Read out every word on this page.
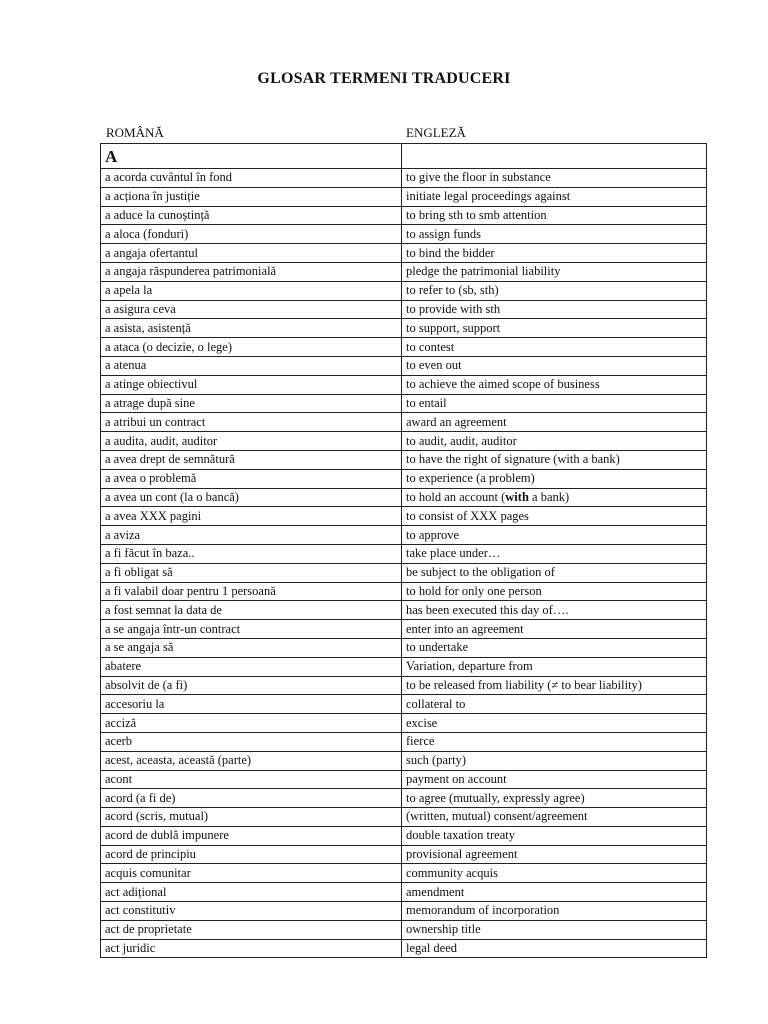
GLOSAR TERMENI TRADUCERI
ROMÂNĂ	ENGLEZĂ
A	
a acorda cuvântul în fond	to give the floor in substance
a acționa în justiție	initiate legal proceedings against
a aduce la cunoștință	to bring sth to smb attention
a aloca (fonduri)	to assign funds
a angaja ofertantul	to bind the bidder
a angaja răspunderea patrimonială	pledge the patrimonial liability
a apela la	to refer to (sb, sth)
a asigura ceva	to provide with sth
a asista, asistență	to support, support
a ataca (o decizie, o lege)	to contest
a atenua	to even out
a atinge obiectivul	to achieve the aimed scope of business
a atrage după sine	to entail
a atribui un contract	award an agreement
a audita, audit, auditor	to audit, audit, auditor
a avea drept de semnătură	to have the right of signature (with a bank)
a avea o problemă	to experience (a problem)
a avea un cont (la o bancă)	to hold an account (with a bank)
a avea XXX pagini	to consist of XXX pages
a aviza	to approve
a fi făcut în baza..	take place under…
a fi obligat să	be subject to the obligation of
a fi valabil doar pentru 1 persoană	to hold for only one person
a fost semnat la data de	has been executed this day of….
a se angaja într-un contract	enter into an agreement
a se angaja să	to undertake
abatere	Variation, departure from
absolvit de (a fi)	to be released from liability (≠ to bear liability)
accesoriu la	collateral to
acciză	excise
acerb	fierce
acest, aceasta, această (parte)	such (party)
acont	payment on account
acord (a fi de)	to agree (mutually, expressly agree)
acord (scris, mutual)	(written, mutual) consent/agreement
acord de dublă impunere	double taxation treaty
acord de principiu	provisional agreement
acquis comunitar	community acquis
act adițional	amendment
act constitutiv	memorandum of incorporation
act de proprietate	ownership title
act juridic	legal deed
